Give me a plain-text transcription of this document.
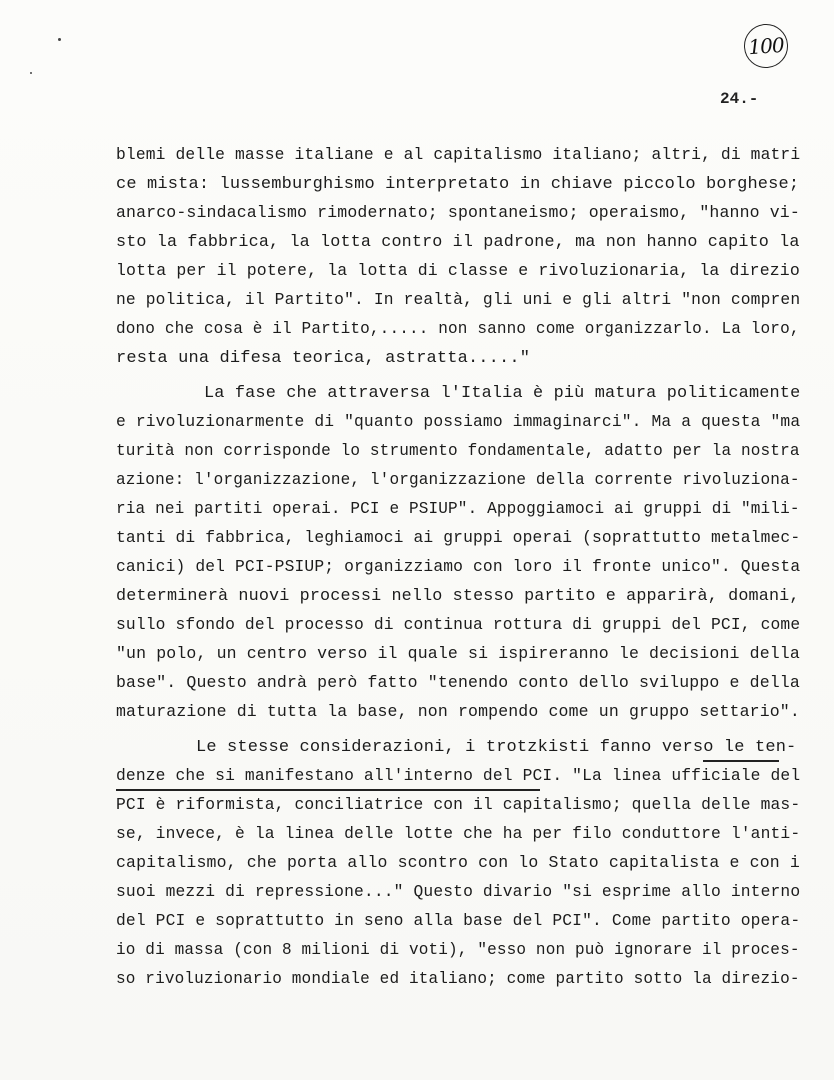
100
24.-
blemi delle masse italiane e al capitalismo italiano; altri, di matri
ce mista: lussemburghismo interpretato in chiave piccolo borghese;
anarco-sindacalismo rimodernato; spontaneismo; operaismo, "hanno vi-
sto la fabbrica, la lotta contro il padrone, ma non hanno capito la
lotta per il potere, la lotta di classe e rivoluzionaria, la direzio
ne politica, il Partito". In realtà, gli uni e gli altri "non compren
dono che cosa è il Partito,..... non sanno come organizzarlo. La loro,
resta una difesa teorica, astratta....."
La fase che attraversa l'Italia è più matura politicamente
e rivoluzionarmente di "quanto possiamo immaginarci". Ma a questa "ma
turità non corrisponde lo strumento fondamentale, adatto per la nostra
azione: l'organizzazione, l'organizzazione della corrente rivoluziona-
ria nei partiti operai. PCI e PSIUP". Appoggiamoci ai gruppi di "mili-
tanti di fabbrica, leghiamoci ai gruppi operai (soprattutto metalmec-
canici) del PCI-PSIUP; organizziamo con loro il fronte unico". Questa
determinerà nuovi processi nello stesso partito e apparirà, domani,
sullo sfondo del processo di continua rottura di gruppi del PCI, come
"un polo, un centro verso il quale si ispireranno le decisioni della
base". Questo andrà però fatto "tenendo conto dello sviluppo e della
maturazione di tutta la base, non rompendo come un gruppo settario".
Le stesse considerazioni, i trotzkisti fanno verso le ten-
denze che si manifestano all'interno del PCI. "La linea ufficiale del
PCI è riformista, conciliatrice con il capitalismo; quella delle mas-
se, invece, è la linea delle lotte che ha per filo conduttore l'anti-
capitalismo, che porta allo scontro con lo Stato capitalista e con i
suoi mezzi di repressione..." Questo divario "si esprime allo interno
del PCI e soprattutto in seno alla base del PCI". Come partito opera-
io di massa (con 8 milioni di voti), "esso non può ignorare il proces-
so rivoluzionario mondiale ed italiano; come partito sotto la direzio-
